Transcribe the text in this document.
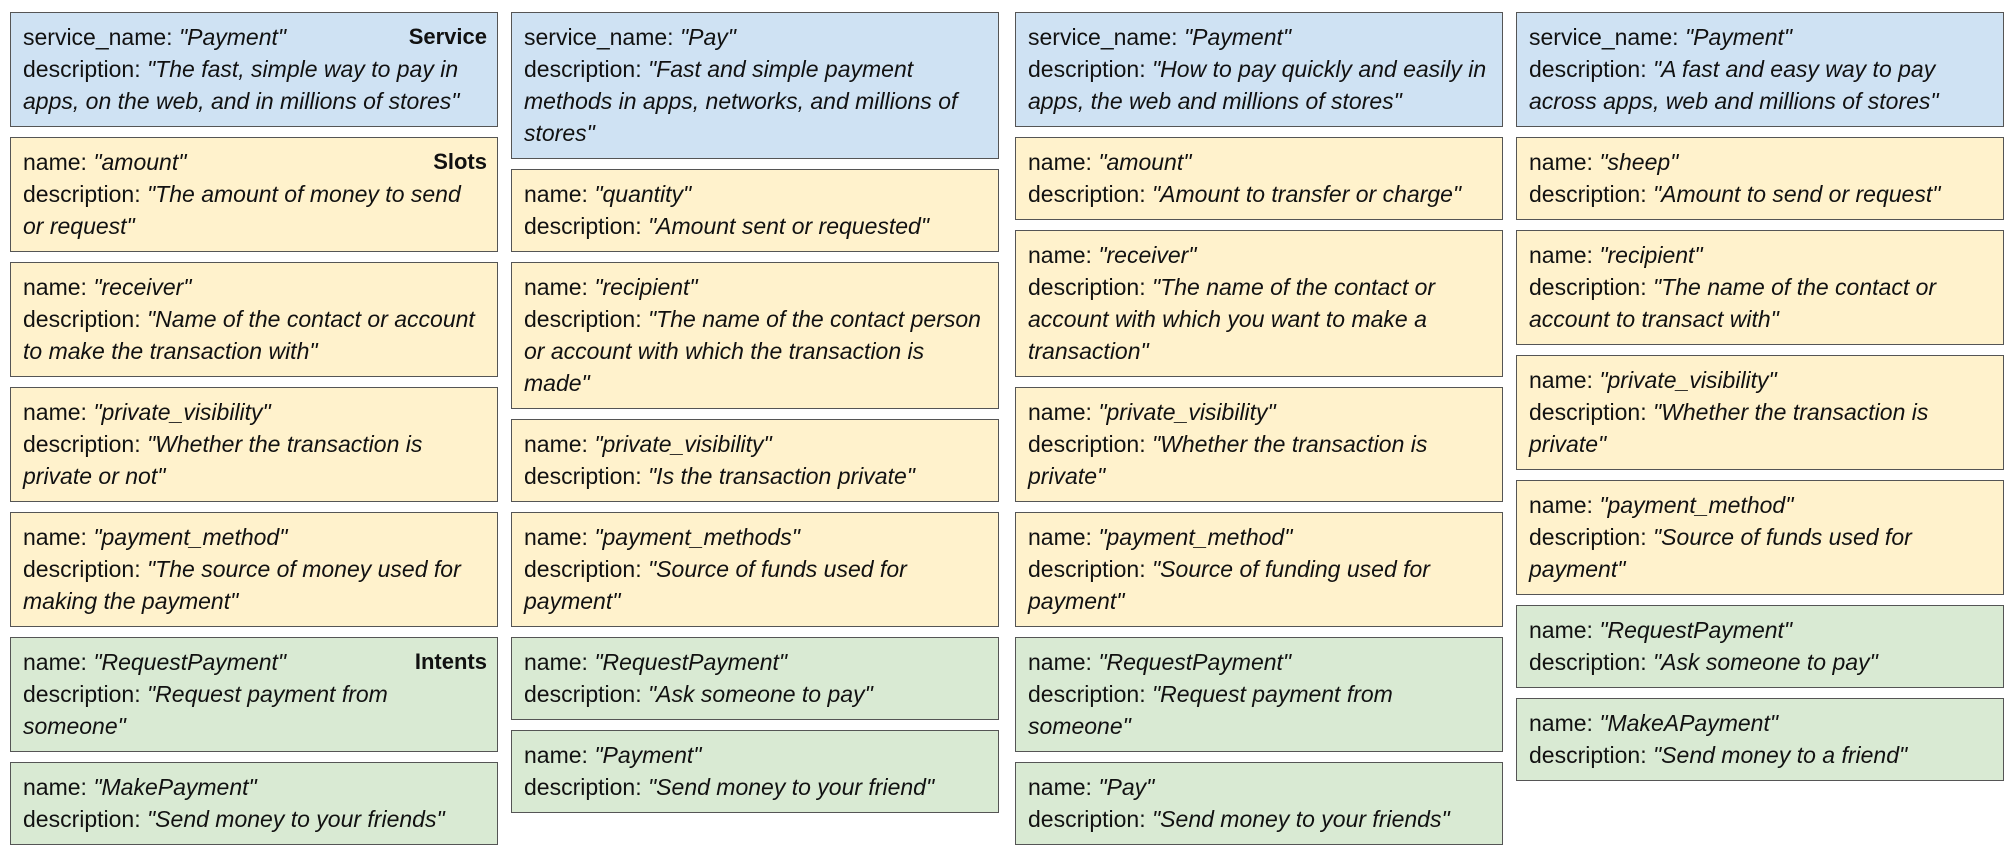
Service
service_name: "Payment"
description: "The fast, simple way to pay in apps, on the web, and in millions of stores"
Slots
name: "amount"
description: "The amount of money to send or request"
name: "receiver"
description: "Name of the contact or account to make the transaction with"
name: "private_visibility"
description: "Whether the transaction is private or not"
name: "payment_method"
description: "The source of money used for making the payment"
Intents
name: "RequestPayment"
description: "Request payment from someone"
name: "MakePayment"
description: "Send money to your friends"
service_name: "Pay"
description: "Fast and simple payment methods in apps, networks, and millions of stores"
name: "quantity"
description: "Amount sent or requested"
name: "recipient"
description: "The name of the contact person or account with which the transaction is made"
name: "private_visibility"
description: "Is the transaction private"
name: "payment_methods"
description: "Source of funds used for payment"
name: "RequestPayment"
description: "Ask someone to pay"
name: "Payment"
description: "Send money to your friend"
service_name: "Payment"
description: "How to pay quickly and easily in apps, the web and millions of stores"
name: "amount"
description: "Amount to transfer or charge"
name: "receiver"
description: "The name of the contact or account with which you want to make a transaction"
name: "private_visibility"
description: "Whether the transaction is private"
name: "payment_method"
description: "Source of funding used for payment"
name: "RequestPayment"
description: "Request payment from someone"
name: "Pay"
description: "Send money to your friends"
service_name: "Payment"
description: "A fast and easy way to pay across apps, web and millions of stores"
name: "sheep"
description: "Amount to send or request"
name: "recipient"
description: "The name of the contact or account to transact with"
name: "private_visibility"
description: "Whether the transaction is private"
name: "payment_method"
description: "Source of funds used for payment"
name: "RequestPayment"
description: "Ask someone to pay"
name: "MakeAPayment"
description: "Send money to a friend"
